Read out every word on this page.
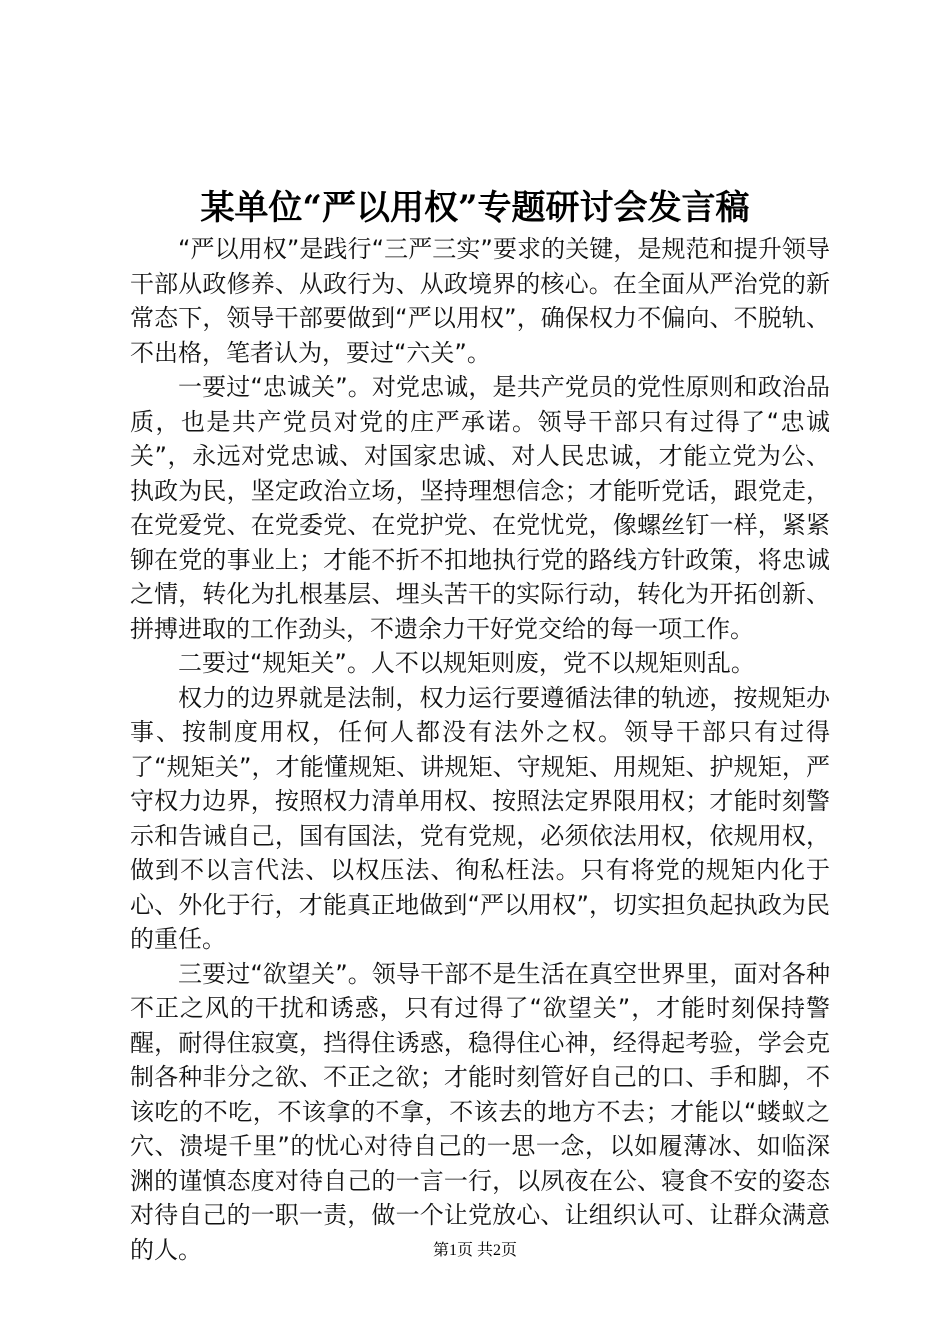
某单位“严以用权”专题研讨会发言稿

“严以用权”是践行“三严三实”要求的关键，是规范和提升领导干部从政修养、从政行为、从政境界的核心。在全面从严治党的新常态下，领导干部要做到“严以用权”，确保权力不偏向、不脱轨、不出格，笔者认为，要过“六关”。

一要过“忠诚关”。对党忠诚，是共产党员的党性原则和政治品质，也是共产党员对党的庄严承诺。领导干部只有过得了“忠诚关”，永远对党忠诚、对国家忠诚、对人民忠诚，才能立党为公、执政为民，坚定政治立场，坚持理想信念；才能听党话，跟党走，在党爱党、在党委党、在党护党、在党忧党，像螺丝钉一样，紧紧铆在党的事业上；才能不折不扣地执行党的路线方针政策，将忠诚之情，转化为扎根基层、埋头苦干的实际行动，转化为开拓创新、拼搏进取的工作劲头，不遗余力干好党交给的每一项工作。

二要过“规矩关”。人不以规矩则废，党不以规矩则乱。

权力的边界就是法制，权力运行要遵循法律的轨迹，按规矩办事、按制度用权，任何人都没有法外之权。领导干部只有过得了“规矩关”，才能懂规矩、讲规矩、守规矩、用规矩、护规矩，严守权力边界，按照权力清单用权、按照法定界限用权；才能时刻警示和告诫自己，国有国法，党有党规，必须依法用权，依规用权，做到不以言代法、以权压法、徇私枉法。只有将党的规矩内化于心、外化于行，才能真正地做到“严以用权”，切实担负起执政为民的重任。

三要过“欲望关”。领导干部不是生活在真空世界里，面对各种不正之风的干扰和诱惑，只有过得了“欲望关”，才能时刻保持警醒，耐得住寂寞，挡得住诱惑，稳得住心神，经得起考验，学会克制各种非分之欲、不正之欲；才能时刻管好自己的口、手和脚，不该吃的不吃，不该拿的不拿，不该去的地方不去；才能以“蝼蚁之穴、溃堤千里”的忧心对待自己的一思一念，以如履薄冰、如临深渊的谨慎态度对待自己的一言一行，以夙夜在公、寝食不安的姿态对待自己的一职一责，做一个让党放心、让组织认可、让群众满意的人。	第1页 共2页
